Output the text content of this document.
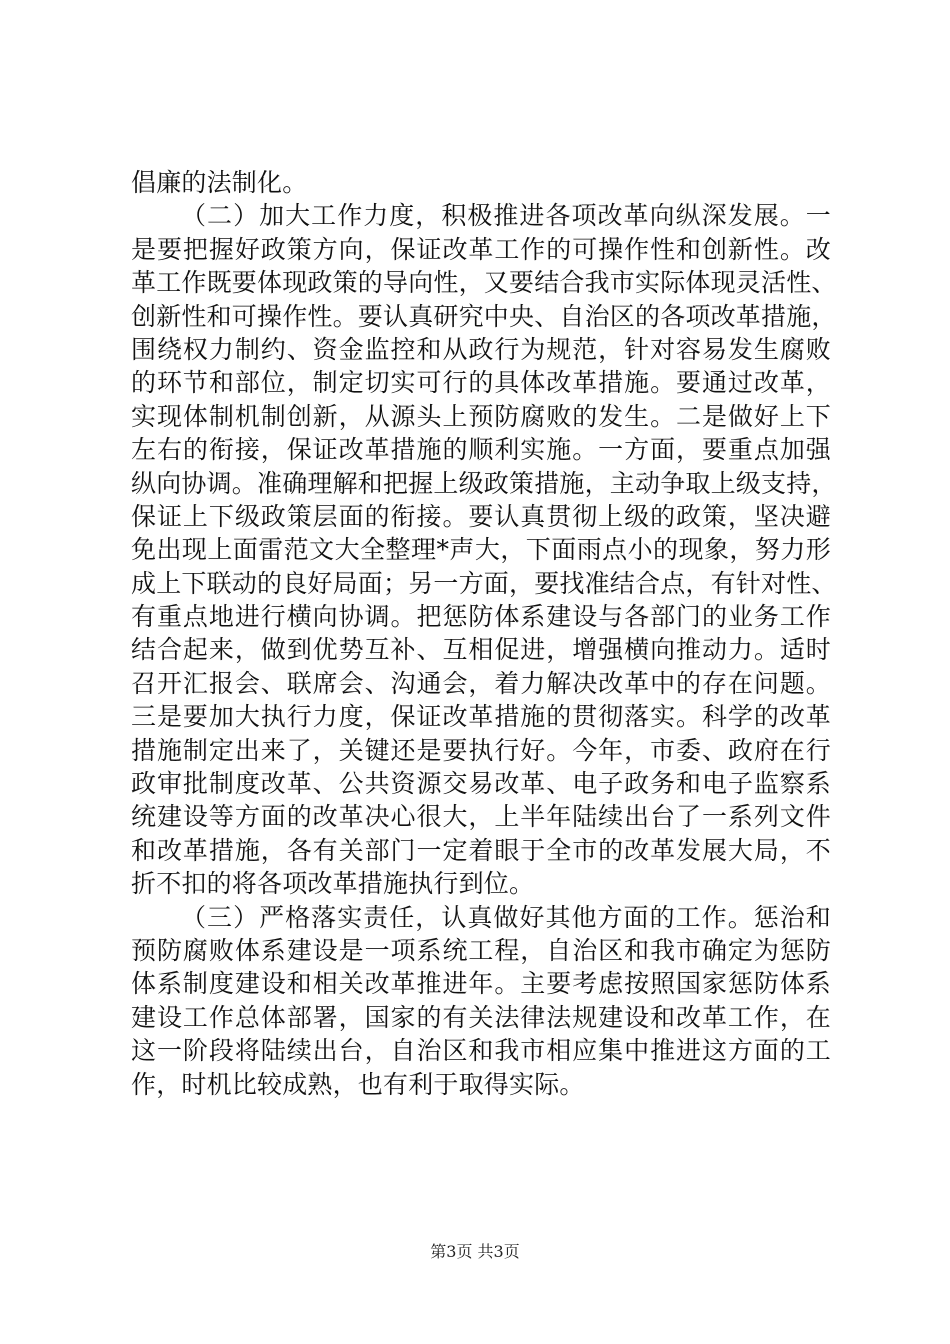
倡廉的法制化。
（二）加大工作力度，积极推进各项改革向纵深发展。一
是要把握好政策方向，保证改革工作的可操作性和创新性。改
革工作既要体现政策的导向性，又要结合我市实际体现灵活性、
创新性和可操作性。要认真研究中央、自治区的各项改革措施，
围绕权力制约、资金监控和从政行为规范，针对容易发生腐败
的环节和部位，制定切实可行的具体改革措施。要通过改革，
实现体制机制创新，从源头上预防腐败的发生。二是做好上下
左右的衔接，保证改革措施的顺利实施。一方面，要重点加强
纵向协调。准确理解和把握上级政策措施，主动争取上级支持，
保证上下级政策层面的衔接。要认真贯彻上级的政策，坚决避
免出现上面雷范文大全整理*声大，下面雨点小的现象，努力形
成上下联动的良好局面；另一方面，要找准结合点，有针对性、
有重点地进行横向协调。把惩防体系建设与各部门的业务工作
结合起来，做到优势互补、互相促进，增强横向推动力。适时
召开汇报会、联席会、沟通会，着力解决改革中的存在问题。
三是要加大执行力度，保证改革措施的贯彻落实。科学的改革
措施制定出来了，关键还是要执行好。今年，市委、政府在行
政审批制度改革、公共资源交易改革、电子政务和电子监察系
统建设等方面的改革决心很大，上半年陆续出台了一系列文件
和改革措施，各有关部门一定着眼于全市的改革发展大局，不
折不扣的将各项改革措施执行到位。
（三）严格落实责任，认真做好其他方面的工作。惩治和
预防腐败体系建设是一项系统工程，自治区和我市确定为惩防
体系制度建设和相关改革推进年。主要考虑按照国家惩防体系
建设工作总体部署，国家的有关法律法规建设和改革工作，在
这一阶段将陆续出台，自治区和我市相应集中推进这方面的工
作，时机比较成熟，也有利于取得实际。
第3页 共3页
